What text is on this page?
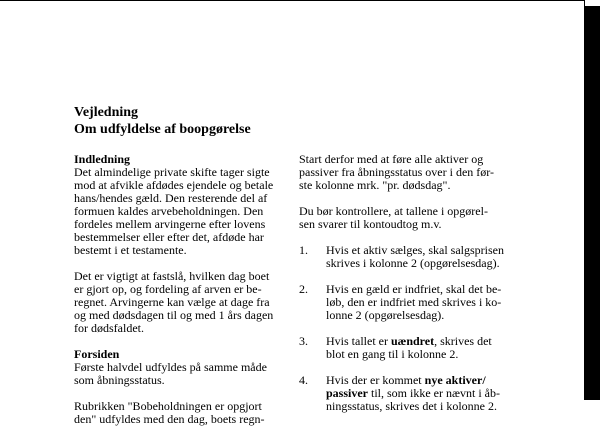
Vejledning
Om udfyldelse af boopgørelse
Indledning
Det almindelige private skifte tager sigte
mod at afvikle afdødes ejendele og betale
hans/hendes gæld. Den resterende del af
formuen kaldes arvebeholdningen. Den
fordeles mellem arvingerne efter lovens
bestemmelser eller efter det, afdøde har
bestemt i et testamente.
Det er vigtigt at fastslå, hvilken dag boet
er gjort op, og fordeling af arven er be-
regnet. Arvingerne kan vælge at dage fra
og med dødsdagen til og med 1 års dagen
for dødsfaldet.
Forsiden
Første halvdel udfyldes på samme måde
som åbningsstatus.
Rubrikken "Bobeholdningen er opgjort
den" udfyldes med den dag, boets regn-
Start derfor med at føre alle aktiver og
passiver fra åbningsstatus over i den før-
ste kolonne mrk. "pr. dødsdag".
Du bør kontrollere, at tallene i opgørel-
sen svarer til kontoudtog m.v.
1. Hvis et aktiv sælges, skal salgsprisen
skrives i kolonne 2 (opgørelsesdag).
2. Hvis en gæld er indfriet, skal det be-
løb, den er indfriet med skrives i ko-
lonne 2 (opgørelsesdag).
3. Hvis tallet er uændret, skrives det
blot en gang til i kolonne 2.
4. Hvis der er kommet nye aktiver/
passiver til, som ikke er nævnt i åb-
ningsstatus, skrives det i kolonne 2.
